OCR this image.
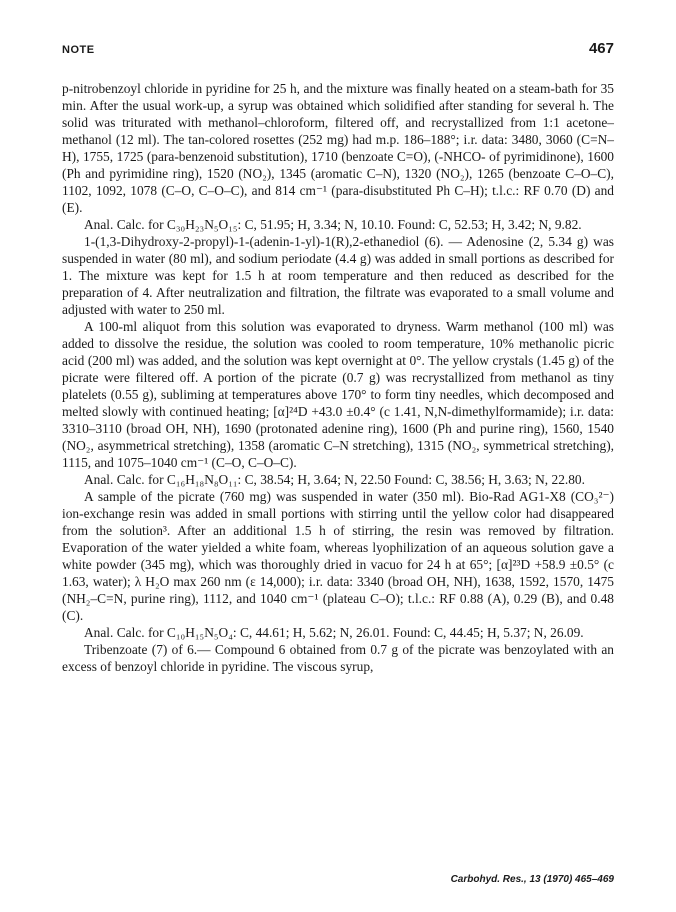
NOTE	467

p-nitrobenzoyl chloride in pyridine for 25 h, and the mixture was finally heated on a steam-bath for 35 min. After the usual work-up, a syrup was obtained which solidified after standing for several h. The solid was triturated with methanol–chloroform, filtered off, and recrystallized from 1:1 acetone–methanol (12 ml). The tan-colored rosettes (252 mg) had m.p. 186–188°; i.r. data: 3480, 3060 (C=N–H), 1755, 1725 (para-benzenoid substitution), 1710 (benzoate C=O), (-NHCO- of pyrimidinone), 1600 (Ph and pyrimidine ring), 1520 (NO₂), 1345 (aromatic C–N), 1320 (NO₂), 1265 (benzoate C–O–C), 1102, 1092, 1078 (C–O, C–O–C), and 814 cm⁻¹ (para-disubstituted Ph C–H); t.l.c.: RF 0.70 (D) and (E).

Anal. Calc. for C₃₀H₂₃N₅O₁₅: C, 51.95; H, 3.34; N, 10.10. Found: C, 52.53; H, 3.42; N, 9.82.

1-(1,3-Dihydroxy-2-propyl)-1-(adenin-1-yl)-1(R),2-ethanediol (6). — Adenosine (2, 5.34 g) was suspended in water (80 ml), and sodium periodate (4.4 g) was added in small portions as described for 1. The mixture was kept for 1.5 h at room temperature and then reduced as described for the preparation of 4. After neutralization and filtration, the filtrate was evaporated to a small volume and adjusted with water to 250 ml.

A 100-ml aliquot from this solution was evaporated to dryness. Warm methanol (100 ml) was added to dissolve the residue, the solution was cooled to room temperature, 10% methanolic picric acid (200 ml) was added, and the solution was kept overnight at 0°. The yellow crystals (1.45 g) of the picrate were filtered off. A portion of the picrate (0.7 g) was recrystallized from methanol as tiny platelets (0.55 g), subliming at temperatures above 170° to form tiny needles, which decomposed and melted slowly with continued heating; [α]²⁴D +43.0 ±0.4° (c 1.41, N,N-dimethylformamide); i.r. data: 3310–3110 (broad OH, NH), 1690 (protonated adenine ring), 1600 (Ph and purine ring), 1560, 1540 (NO₂, asymmetrical stretching), 1358 (aromatic C–N stretching), 1315 (NO₂, symmetrical stretching), 1115, and 1075–1040 cm⁻¹ (C–O, C–O–C).

Anal. Calc. for C₁₆H₁₈N₈O₁₁: C, 38.54; H, 3.64; N, 22.50 Found: C, 38.56; H, 3.63; N, 22.80.

A sample of the picrate (760 mg) was suspended in water (350 ml). Bio-Rad AG1-X8 (CO₃²⁻) ion-exchange resin was added in small portions with stirring until the yellow color had disappeared from the solution³. After an additional 1.5 h of stirring, the resin was removed by filtration. Evaporation of the water yielded a white foam, whereas lyophilization of an aqueous solution gave a white powder (345 mg), which was thoroughly dried in vacuo for 24 h at 65°; [α]²³D +58.9 ±0.5° (c 1.63, water); λ H₂O max 260 nm (ε 14,000); i.r. data: 3340 (broad OH, NH), 1638, 1592, 1570, 1475 (NH₂–C=N, purine ring), 1112, and 1040 cm⁻¹ (plateau C–O); t.l.c.: RF 0.88 (A), 0.29 (B), and 0.48 (C).

Anal. Calc. for C₁₀H₁₅N₅O₄: C, 44.61; H, 5.62; N, 26.01. Found: C, 44.45; H, 5.37; N, 26.09.

Tribenzoate (7) of 6.— Compound 6 obtained from 0.7 g of the picrate was benzoylated with an excess of benzoyl chloride in pyridine. The viscous syrup,

Carbohyd. Res., 13 (1970) 465–469
